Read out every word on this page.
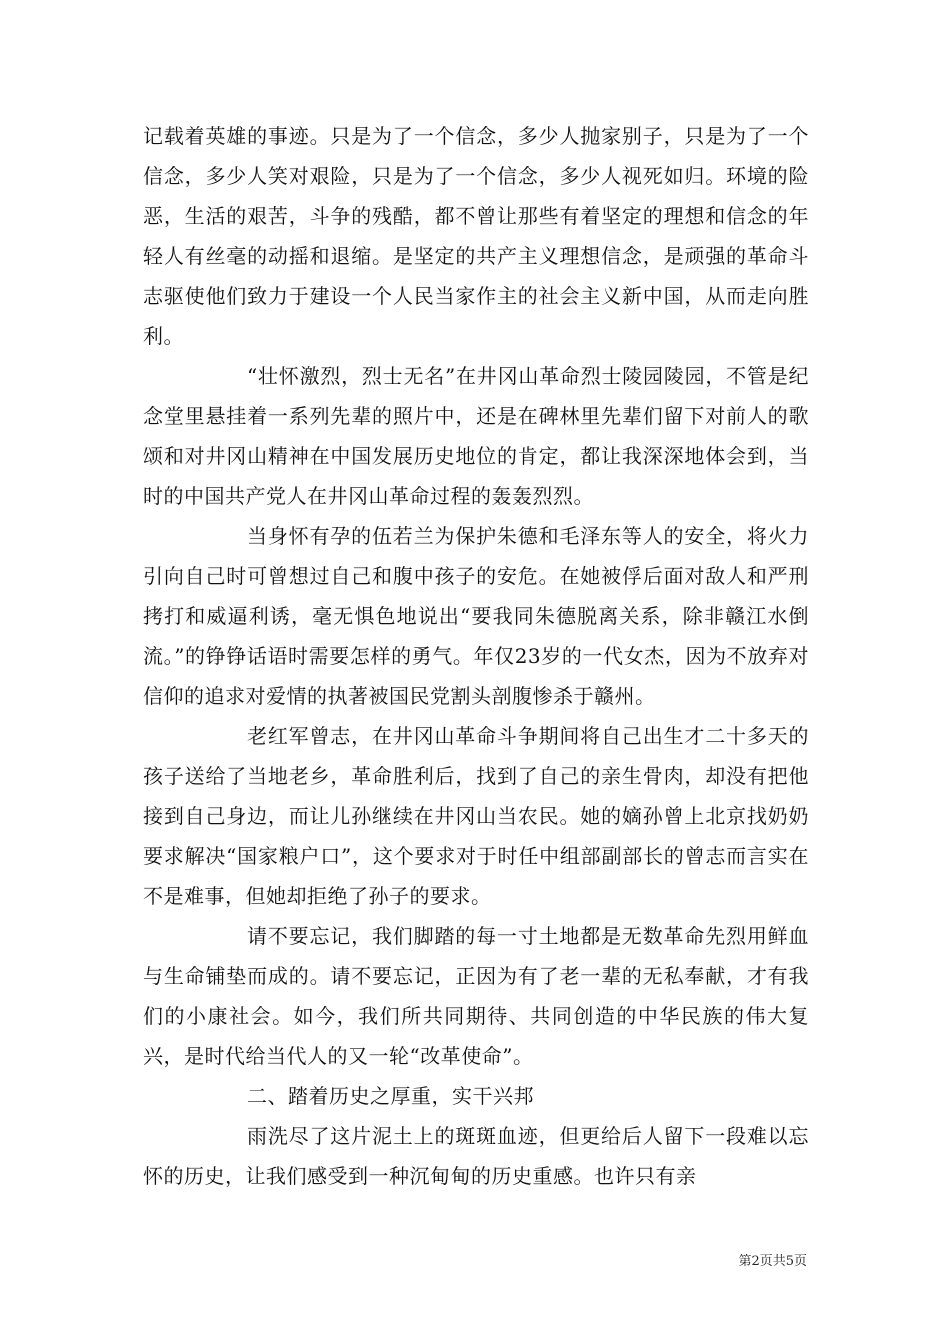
记载着英雄的事迹。只是为了一个信念，多少人抛家别子，只是为了一个信念，多少人笑对艰险，只是为了一个信念，多少人视死如归。环境的险恶，生活的艰苦，斗争的残酷，都不曾让那些有着坚定的理想和信念的年轻人有丝毫的动摇和退缩。是坚定的共产主义理想信念，是顽强的革命斗志驱使他们致力于建设一个人民当家作主的社会主义新中国，从而走向胜利。

“壮怀激烈，烈士无名”在井冈山革命烈士陵园陵园，不管是纪念堂里悬挂着一系列先辈的照片中，还是在碑林里先辈们留下对前人的歌颂和对井冈山精神在中国发展历史地位的肯定，都让我深深地体会到，当时的中国共产党人在井冈山革命过程的轰轰烈烈。

当身怀有孕的伍若兰为保护朱德和毛泽东等人的安全，将火力引向自己时可曾想过自己和腹中孩子的安危。在她被俘后面对敌人和严刑拷打和威逼利诱，毫无惧色地说出“要我同朱德脱离关系，除非赣江水倒流。”的铮铮话语时需要怎样的勇气。年仅23岁的一代女杰，因为不放弃对信仰的追求对爱情的执著被国民党割头剖腹惨杀于赣州。

老红军曾志，在井冈山革命斗争期间将自己出生才二十多天的孩子送给了当地老乡，革命胜利后，找到了自己的亲生骨肉，却没有把他接到自己身边，而让儿孙继续在井冈山当农民。她的嫡孙曾上北京找奶奶要求解决“国家粮户口”，这个要求对于时任中组部副部长的曾志而言实在不是难事，但她却拒绝了孙子的要求。

请不要忘记，我们脚踏的每一寸土地都是无数革命先烈用鲜血与生命铺垫而成的。请不要忘记，正因为有了老一辈的无私奉献，才有我们的小康社会。如今，我们所共同期待、共同创造的中华民族的伟大复兴，是时代给当代人的又一轮“改革使命”。

二、踏着历史之厚重，实干兴邦

雨洗尽了这片泥土上的斑斑血迹，但更给后人留下一段难以忘怀的历史，让我们感受到一种沉甸甸的历史重感。也许只有亲

第2页共5页
